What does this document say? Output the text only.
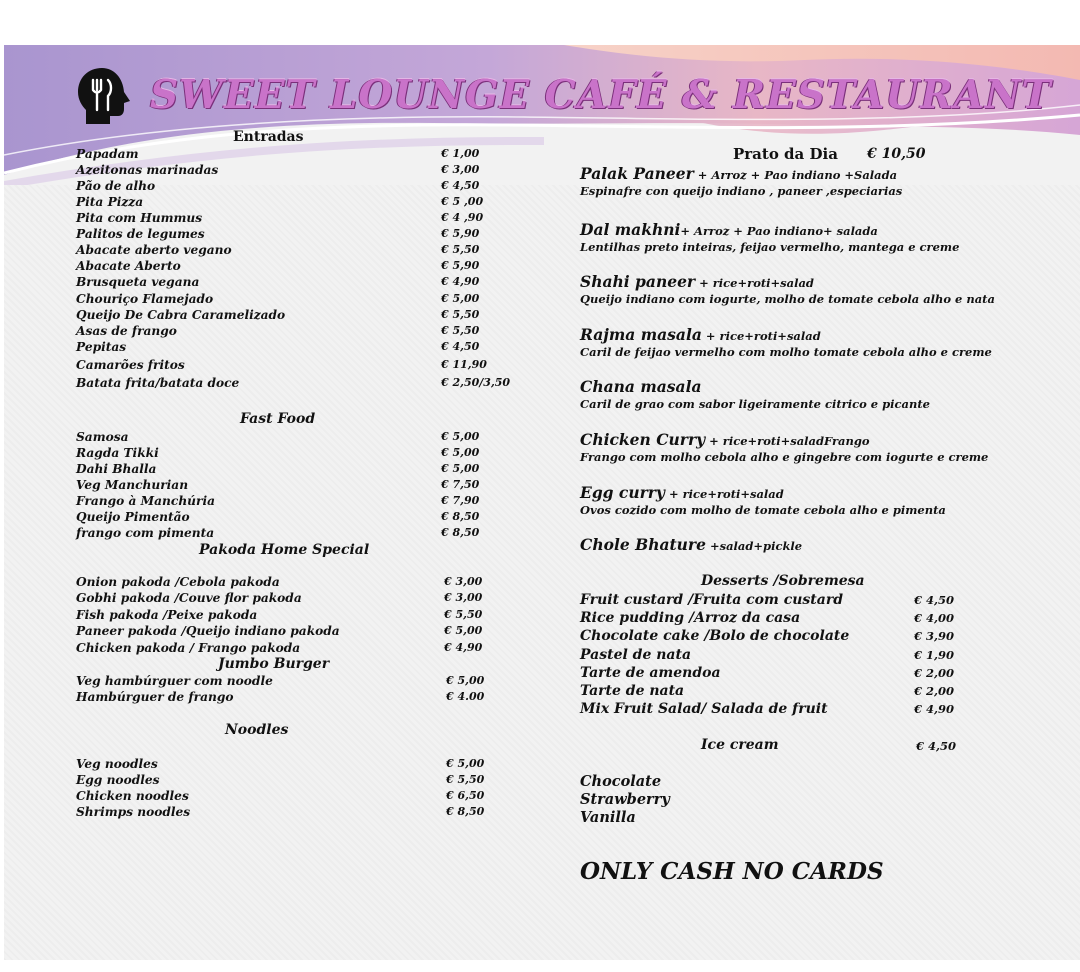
SWEET LOUNGE CAFÉ & RESTAURANT
Entradas
Papadam	€ 1,00
Azeitonas marinadas	€ 3,00
Pão de alho	€ 4,50
Pita Pizza	€ 5 ,00
Pita com Hummus	€ 4 ,90
Palitos de legumes	€ 5,90
Abacate aberto vegano	€ 5,50
Abacate Aberto	€ 5,90
Brusqueta vegana	€ 4,90
Chouriço Flamejado	€ 5,00
Queijo De Cabra Caramelizado	€ 5,50
Asas de frango	€ 5,50
Pepitas	€ 4,50
Camarões fritos	€ 11,90
Batata frita/batata doce	€ 2,50/3,50
Fast Food
Samosa	€ 5,00
Ragda Tikki	€ 5,00
Dahi Bhalla	€ 5,00
Veg Manchurian	€ 7,50
Frango à Manchúria	€ 7,90
Queijo Pimentão	€ 8,50
frango com pimenta	€ 8,50
Pakoda Home Special
Onion pakoda /Cebola pakoda	€ 3,00
Gobhi pakoda /Couve flor pakoda	€ 3,00
Fish pakoda /Peixe pakoda	€ 5,50
Paneer pakoda /Queijo indiano pakoda	€ 5,00
Chicken pakoda / Frango pakoda	€ 4,90
Jumbo Burger
Veg hambúrguer com noodle	€ 5,00
Hambúrguer de frango	€ 4.00
Noodles
Veg noodles	€ 5,00
Egg noodles	€ 5,50
Chicken noodles	€ 6,50
Shrimps noodles	€ 8,50
Prato da Dia € 10,50
Palak Paneer + Arroz + Pao indiano +Salada
Espinafre con queijo indiano , paneer ,especiarias
Dal makhni+ Arroz + Pao indiano+ salada
Lentilhas preto inteiras, feijao vermelho, mantega e creme
Shahi paneer + rice+roti+salad
Queijo indiano com iogurte, molho de tomate cebola alho e nata
Rajma masala + rice+roti+salad
Caril de feijao vermelho com molho tomate cebola alho e creme
Chana masala
Caril de grao com sabor ligeiramente citrico e picante
Chicken Curry + rice+roti+saladFrango
Frango com molho cebola alho e gingebre com iogurte e creme
Egg curry + rice+roti+salad
Ovos cozido com molho de tomate cebola alho e pimenta
Chole Bhature +salad+pickle
Desserts /Sobremesa
Fruit custard /Fruita com custard	€ 4,50
Rice pudding /Arroz da casa	€ 4,00
Chocolate cake /Bolo de chocolate	€ 3,90
Pastel de nata	€ 1,90
Tarte de amendoa	€ 2,00
Tarte de nata	€ 2,00
Mix Fruit Salad/ Salada de fruit	€ 4,90
Ice cream	€ 4,50
Chocolate
Strawberry
Vanilla
ONLY CASH NO CARDS
